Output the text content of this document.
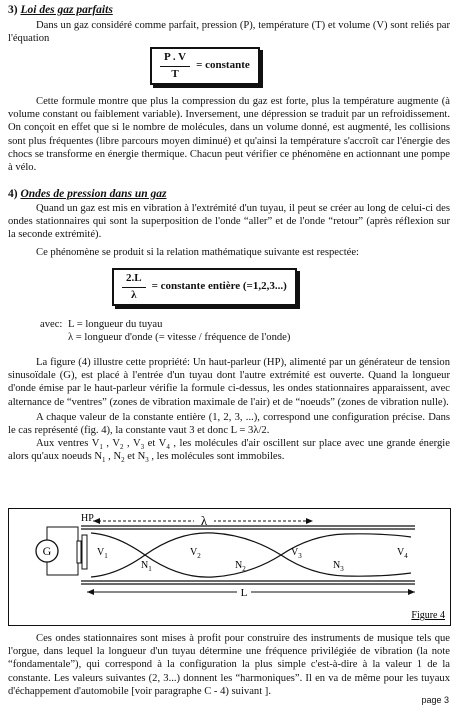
3) Loi des gaz parfaits

Dans un gaz considéré comme parfait, pression (P), température (T) et volume (V) sont reliés par l'équation

$\frac{P . V}{T}$ = constante

Cette formule montre que plus la compression du gaz est forte, plus la température augmente (à volume constant ou faiblement variable). Inversement, une dépression se traduit par un refroidissement. On conçoit en effet que si le nombre de molécules, dans un volume donné, est augmenté, les collisions sont plus fréquentes (libre parcours moyen diminué) et qu'ainsi la température s'accroît car l'énergie des chocs se transforme en énergie thermique. Chacun peut vérifier ce phénomène en actionnant une pompe à vélo.

4) Ondes de pression dans un gaz

Quand un gaz est mis en vibration à l'extrémité d'un tuyau, il peut se créer au long de celui-ci des ondes stationnaires qui sont la superposition de l'onde “aller” et de l'onde “retour” (après réflexion sur la seconde extrémité).

Ce phénomène se produit si la relation mathématique suivante est respectée:

$\frac{2.L}{\lambda}$ = constante entière (=1,2,3...)
avec: L = longueur du tuyau
λ = longueur d'onde (= vitesse / fréquence de l'onde)

La figure (4) illustre cette propriété: Un haut-parleur (HP), alimenté par un générateur de tension sinusoïdale (G), est placé à l'entrée d'un tuyau dont l'autre extrémité est ouverte. Quand la longueur d'onde émise par le haut-parleur vérifie la formule ci-dessus, les ondes stationnaires apparaissent, avec alternance de “ventres” (zones de vibration maximale de l'air) et de “noeuds” (zones de vibration nulle).

A chaque valeur de la constante entière (1, 2, 3, ...), correspond une configuration précise. Dans le cas représenté (fig. 4), la constante vaut 3 et donc L = 3λ/2.

Aux ventres $V_1$ , $V_2$ , $V_3$ et $V_4$ , les molécules d'air oscillent sur place avec une grande énergie alors qu'aux noeuds $N_1$ , $N_2$ et $N_3$ , les molécules sont immobiles.

λ
G
HP
$V_1$	$V_2$	$V_3$	$V_4$
$N_1$	$N_2$	$N_3$
L
Figure 4

Ces ondes stationnaires sont mises à profit pour construire des instruments de musique tels que l'orgue, dans lequel la longueur d'un tuyau détermine une fréquence privilégiée de vibration (la note “fondamentale”), qui correspond à la configuration la plus simple c'est-à-dire à la valeur 1 de la constante. Les valeurs suivantes (2, 3...) donnent les “harmoniques”. Il en va de même pour les tuyaux d'échappement d'automobile [voir paragraphe C - 4) suivant ].

page 3
